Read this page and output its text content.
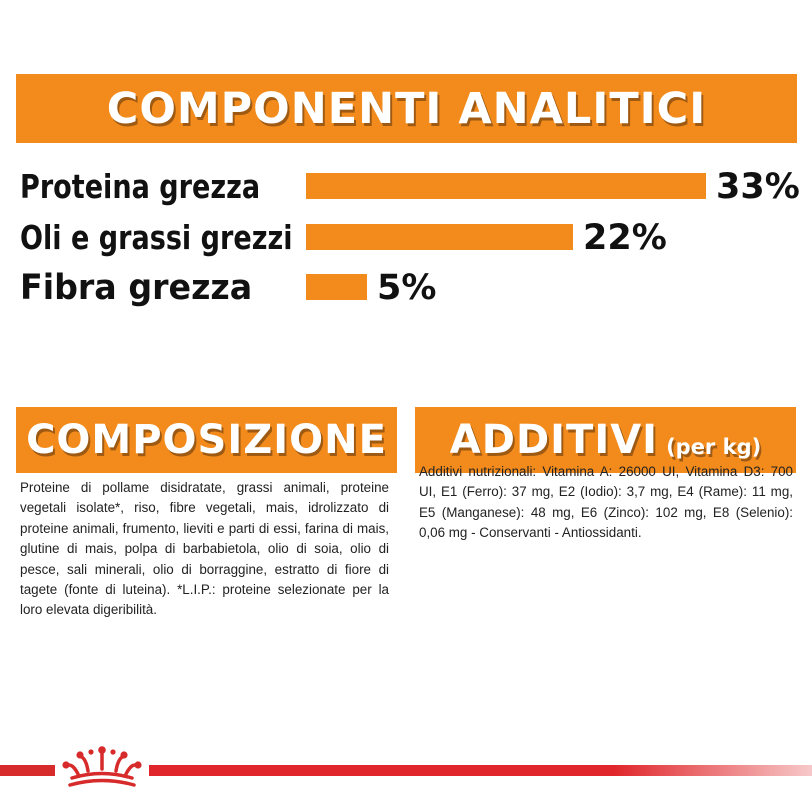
COMPONENTI ANALITICI
Proteina grezza	33%
Oli e grassi grezzi	22%
Fibra grezza	5%
COMPOSIZIONE
Proteine di pollame disidratate, grassi animali, proteine vegetali isolate*, riso, fibre vegetali, mais, idrolizzato di proteine animali, frumento, lieviti e parti di essi, farina di mais, glutine di mais, polpa di barbabietola, olio di soia, olio di pesce, sali minerali, olio di borraggine, estratto di fiore di tagete (fonte di luteina). *L.I.P.: proteine selezionate per la loro elevata digeribilità.
ADDITIVI (per kg)
Additivi nutrizionali: Vitamina A: 26000 UI, Vitamina D3: 700 UI, E1 (Ferro): 37 mg, E2 (Iodio): 3,7 mg, E4 (Rame): 11 mg, E5 (Manganese): 48 mg, E6 (Zinco): 102 mg, E8 (Selenio): 0,06 mg - Conservanti - Antiossidanti.
